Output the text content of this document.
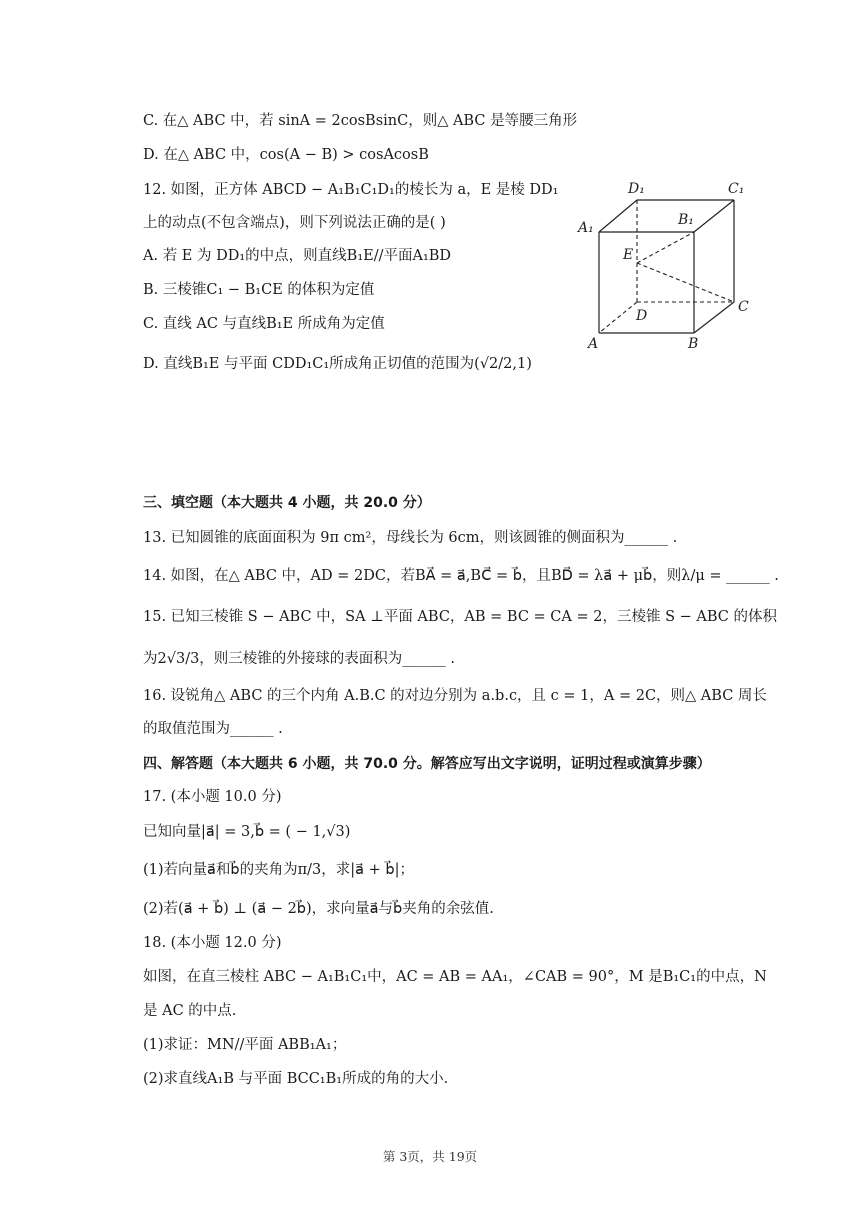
C. 在△ ABC 中，若 sinA = 2cosBsinC，则△ ABC 是等腰三角形
D. 在△ ABC 中，cos(A − B) > cosAcosB
12. 如图，正方体 ABCD − A₁B₁C₁D₁的棱长为 a，E 是棱 DD₁
上的动点(不包含端点)，则下列说法正确的是( )
A. 若 E 为 DD₁的中点，则直线B₁E//平面A₁BD
B. 三棱锥C₁ − B₁CE 的体积为定值
C. 直线 AC 与直线B₁E 所成角为定值
D. 直线B₁E 与平面 CDD₁C₁所成角正切值的范围为(√2/2,1)
三、填空题（本大题共 4 小题，共 20.0 分）
13. 已知圆锥的底面面积为 9π cm²，母线长为 6cm，则该圆锥的侧面积为______ .
14. 如图，在△ ABC 中，AD = 2DC，若BA⃗ = a⃗,BC⃗ = b⃗，且BD⃗ = λa⃗ + μb⃗，则λ/μ = ______ .
15. 已知三棱锥 S − ABC 中，SA ⊥平面 ABC，AB = BC = CA = 2，三棱锥 S − ABC 的体积
为2√3/3，则三棱锥的外接球的表面积为______ .
16. 设锐角△ ABC 的三个内角 A.B.C 的对边分别为 a.b.c，且 c = 1，A = 2C，则△ ABC 周长
的取值范围为______ .
四、解答题（本大题共 6 小题，共 70.0 分。解答应写出文字说明，证明过程或演算步骤）
17. (本小题 10.0 分)
已知向量|a⃗| = 3,b⃗ = ( − 1,√3)
(1)若向量a⃗和b⃗的夹角为π/3，求|a⃗ + b⃗|；
(2)若(a⃗ + b⃗) ⊥ (a⃗ − 2b⃗)，求向量a⃗与b⃗夹角的余弦值.
18. (本小题 12.0 分)
如图，在直三棱柱 ABC − A₁B₁C₁中，AC = AB = AA₁，∠CAB = 90°，M 是B₁C₁的中点，N
是 AC 的中点.
(1)求证：MN//平面 ABB₁A₁；
(2)求直线A₁B 与平面 BCC₁B₁所成的角的大小.
D₁	C₁
A₁	B₁
E
D
C
A	B
第 3页，共 19页
